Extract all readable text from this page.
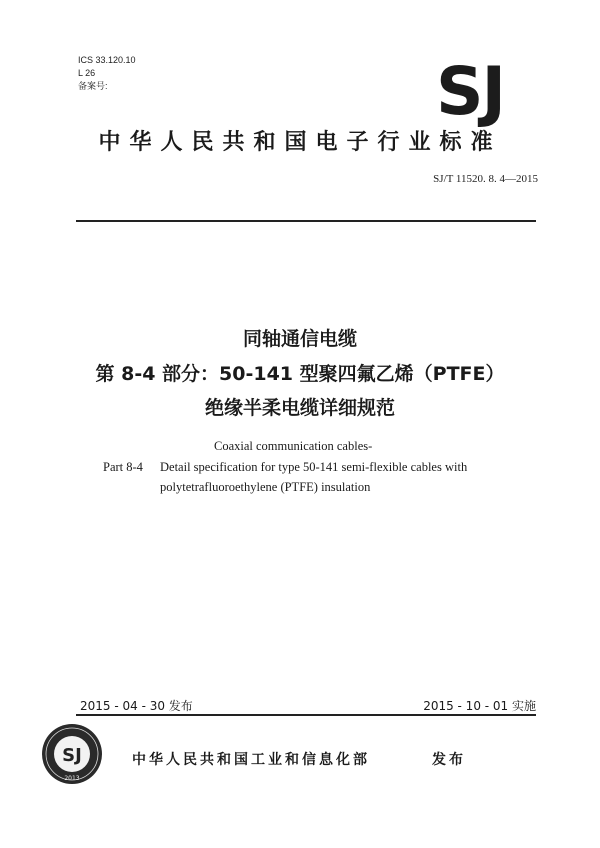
ICS 33.120.10
L 26
备案号:	SJ
中华人民共和国电子行业标准
SJ/T 11520. 8. 4—2015
同轴通信电缆
第 8-4 部分：50-141 型聚四氟乙烯（PTFE）
绝缘半柔电缆详细规范
Coaxial communication cables-
Part 8-4 Detail specification for type 50-141 semi-flexible cables with
polytetrafluoroethylene (PTFE) insulation
2015 - 04 - 30 发布	2015 - 10 - 01 实施
SJ
2013
中华人民共和国工业和信息化部	发布
